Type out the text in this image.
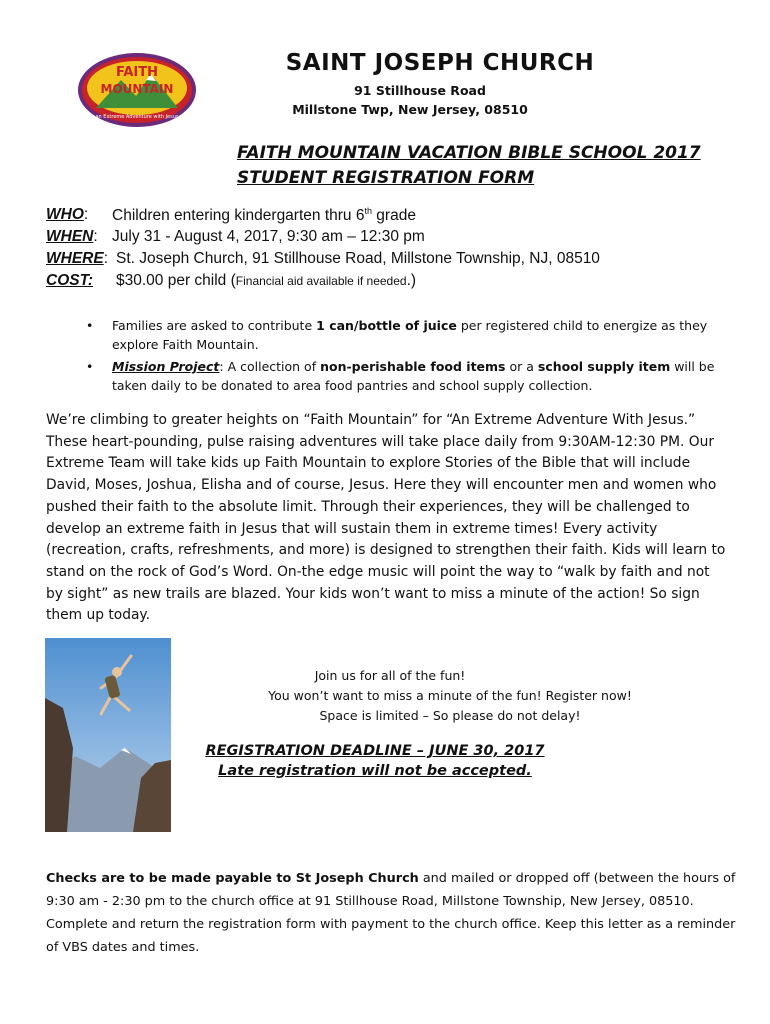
FAITH
MOUNTAIN
an Extreme Adventure with Jesus
SAINT JOSEPH CHURCH
91 Stillhouse Road
Millstone Twp, New Jersey, 08510
FAITH MOUNTAIN VACATION BIBLE SCHOOL 2017
STUDENT REGISTRATION FORM
WHO: Children entering kindergarten thru 6th grade
WHEN: July 31 - August 4, 2017, 9:30 am – 12:30 pm
WHERE: St. Joseph Church, 91 Stillhouse Road, Millstone Township, NJ, 08510
COST: $30.00 per child (Financial aid available if needed.)
• Families are asked to contribute 1 can/bottle of juice per registered child to energize as they explore Faith Mountain.
• Mission Project: A collection of non-perishable food items or a school supply item will be taken daily to be donated to area food pantries and school supply collection.
We’re climbing to greater heights on “Faith Mountain” for “An Extreme Adventure With Jesus.” These heart-pounding, pulse raising adventures will take place daily from 9:30AM-12:30 PM. Our Extreme Team will take kids up Faith Mountain to explore Stories of the Bible that will include David, Moses, Joshua, Elisha and of course, Jesus. Here they will encounter men and women who pushed their faith to the absolute limit. Through their experiences, they will be challenged to develop an extreme faith in Jesus that will sustain them in extreme times! Every activity (recreation, crafts, refreshments, and more) is designed to strengthen their faith. Kids will learn to stand on the rock of God’s Word. On-the edge music will point the way to “walk by faith and not by sight” as new trails are blazed. Your kids won’t want to miss a minute of the action! So sign them up today.
Join us for all of the fun!
You won’t want to miss a minute of the fun! Register now!
Space is limited – So please do not delay!
REGISTRATION DEADLINE – JUNE 30, 2017
Late registration will not be accepted.
Checks are to be made payable to St Joseph Church and mailed or dropped off (between the hours of 9:30 am - 2:30 pm to the church office at 91 Stillhouse Road, Millstone Township, New Jersey, 08510. Complete and return the registration form with payment to the church office. Keep this letter as a reminder of VBS dates and times.
